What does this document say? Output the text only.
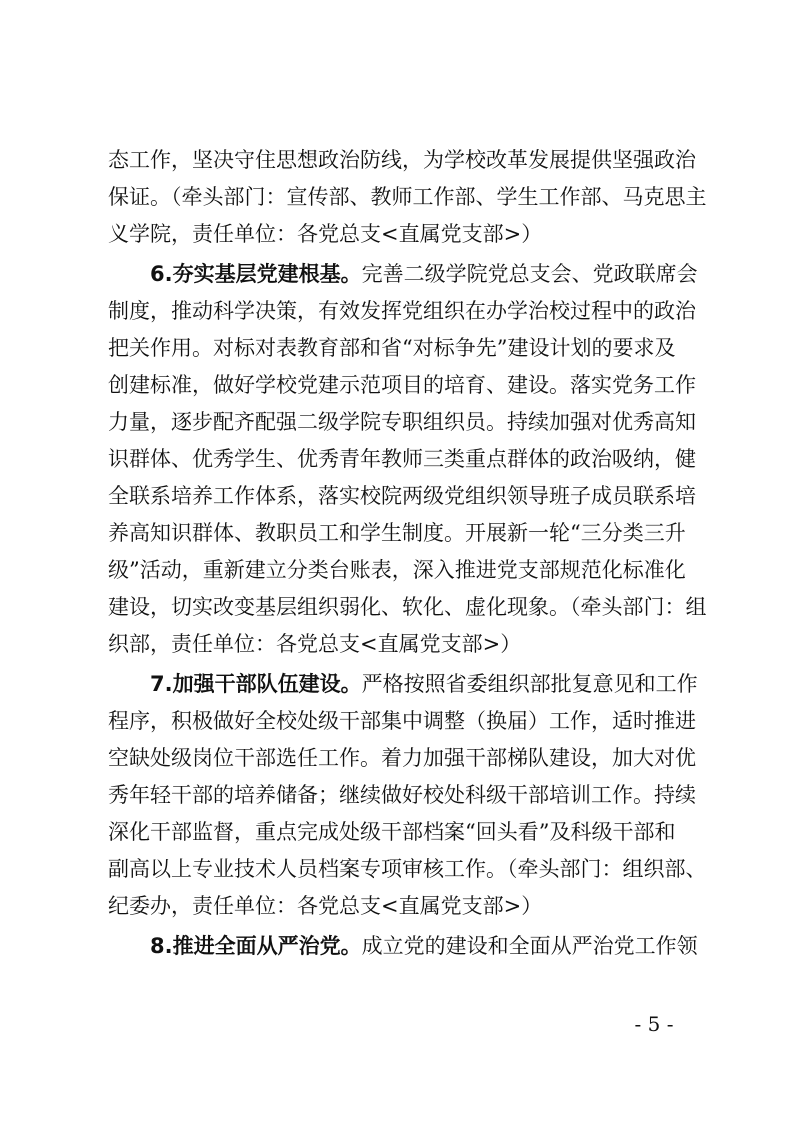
态工作，坚决守住思想政治防线，为学校改革发展提供坚强政治
保证。（牵头部门：宣传部、教师工作部、学生工作部、马克思主
义学院，责任单位：各党总支<直属党支部>）
6.夯实基层党建根基。完善二级学院党总支会、党政联席会
制度，推动科学决策，有效发挥党组织在办学治校过程中的政治
把关作用。对标对表教育部和省“对标争先”建设计划的要求及
创建标准，做好学校党建示范项目的培育、建设。落实党务工作
力量，逐步配齐配强二级学院专职组织员。持续加强对优秀高知
识群体、优秀学生、优秀青年教师三类重点群体的政治吸纳，健
全联系培养工作体系，落实校院两级党组织领导班子成员联系培
养高知识群体、教职员工和学生制度。开展新一轮“三分类三升
级”活动，重新建立分类台账表，深入推进党支部规范化标准化
建设，切实改变基层组织弱化、软化、虚化现象。（牵头部门：组
织部，责任单位：各党总支<直属党支部>）
7.加强干部队伍建设。严格按照省委组织部批复意见和工作
程序，积极做好全校处级干部集中调整（换届）工作，适时推进
空缺处级岗位干部选任工作。着力加强干部梯队建设，加大对优
秀年轻干部的培养储备；继续做好校处科级干部培训工作。持续
深化干部监督，重点完成处级干部档案“回头看”及科级干部和
副高以上专业技术人员档案专项审核工作。（牵头部门：组织部、
纪委办，责任单位：各党总支<直属党支部>）
8.推进全面从严治党。成立党的建设和全面从严治党工作领
- 5 -
